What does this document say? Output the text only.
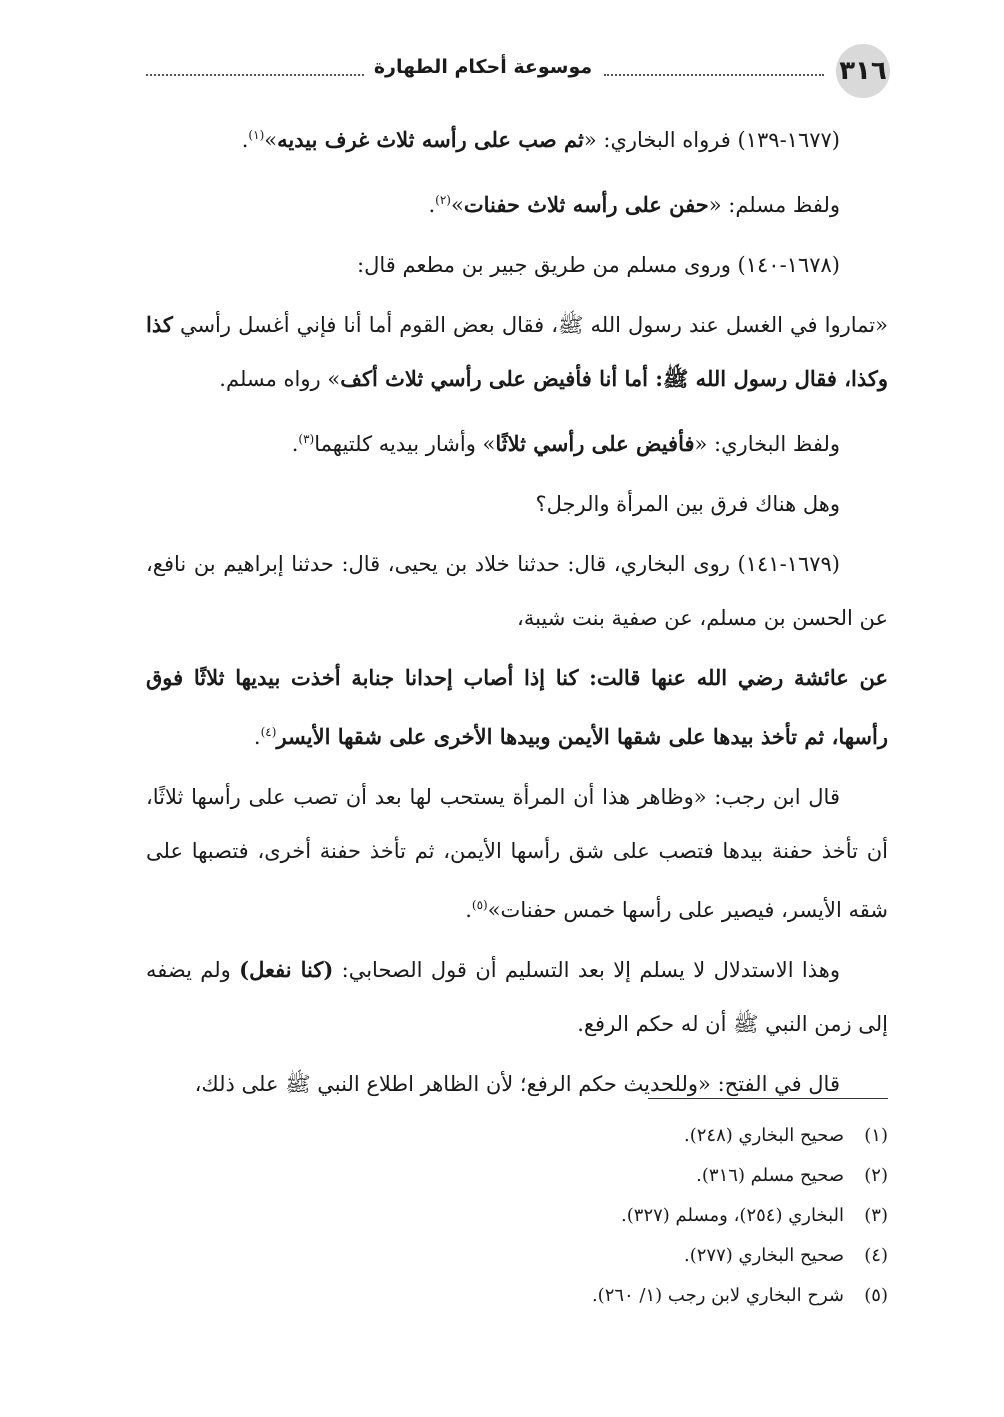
٣١٦
موسوعة أحكام الطهارة

(١٦٧٧-١٣٩) فرواه البخاري: «ثم صب على رأسه ثلاث غرف بيديه»$^{(١)}$.

ولفظ مسلم: «حفن على رأسه ثلاث حفنات»$^{(٢)}$.

(١٦٧٨-١٤٠) وروى مسلم من طريق جبير بن مطعم قال:

«تماروا في الغسل عند رسول الله ﷺ، فقال بعض القوم أما أنا فإني أغسل رأسي كذا وكذا، فقال رسول الله ﷺ: أما أنا فأفيض على رأسي ثلاث أكف» رواه مسلم.

ولفظ البخاري: «فأفيض على رأسي ثلاثًا» وأشار بيديه كلتيهما$^{(٣)}$.

وهل هناك فرق بين المرأة والرجل؟

(١٦٧٩-١٤١) روى البخاري، قال: حدثنا خلاد بن يحيى، قال: حدثنا إبراهيم بن نافع، عن الحسن بن مسلم، عن صفية بنت شيبة،

عن عائشة رضي الله عنها قالت: كنا إذا أصاب إحدانا جنابة أخذت بيديها ثلاثًا فوق رأسها، ثم تأخذ بيدها على شقها الأيمن وبيدها الأخرى على شقها الأيسر$^{(٤)}$.

قال ابن رجب: «وظاهر هذا أن المرأة يستحب لها بعد أن تصب على رأسها ثلاثًا، أن تأخذ حفنة بيدها فتصب على شق رأسها الأيمن، ثم تأخذ حفنة أخرى، فتصبها على شقه الأيسر، فيصير على رأسها خمس حفنات»$^{(٥)}$.

وهذا الاستدلال لا يسلم إلا بعد التسليم أن قول الصحابي: (كنا نفعل) ولم يضفه إلى زمن النبي ﷺ أن له حكم الرفع.

قال في الفتح: «وللحديث حكم الرفع؛ لأن الظاهر اطلاع النبي ﷺ على ذلك،

(١)صحيح البخاري (٢٤٨).

(٢)صحيح مسلم (٣١٦).

(٣)البخاري (٢٥٤)، ومسلم (٣٢٧).

(٤)صحيح البخاري (٢٧٧).

(٥)شرح البخاري لابن رجب (١/ ٢٦٠).
